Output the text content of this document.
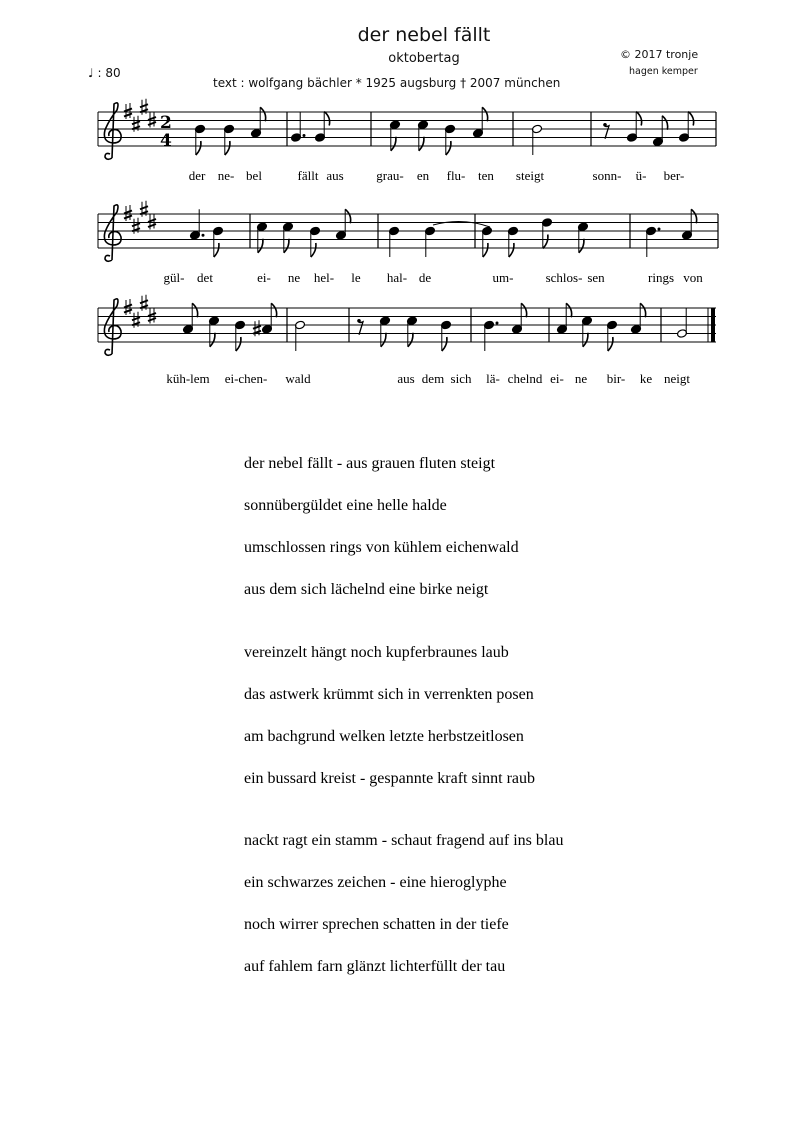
der nebel fällt
oktobertag
text : wolfgang bächler * 1925 augsburg † 2007 münchen
♩ : 80
© 2017 tronje
hagen kemper
2
4
der ne- bel	fällt aus	grau- en flu- ten steigt	sonn- ü- ber-
gül- det	ei- ne hel- le hal- de	um- schlos- sen	rings von
küh-lem ei-chen- wald	aus dem sich lä- chelnd ei- ne bir- ke neigt
der nebel fällt - aus grauen fluten steigt
sonnübergüldet eine helle halde
umschlossen rings von kühlem eichenwald
aus dem sich lächelnd eine birke neigt
vereinzelt hängt noch kupferbraunes laub
das astwerk krümmt sich in verrenkten posen
am bachgrund welken letzte herbstzeitlosen
ein bussard kreist - gespannte kraft sinnt raub
nackt ragt ein stamm - schaut fragend auf ins blau
ein schwarzes zeichen - eine hieroglyphe
noch wirrer sprechen schatten in der tiefe
auf fahlem farn glänzt lichterfüllt der tau
